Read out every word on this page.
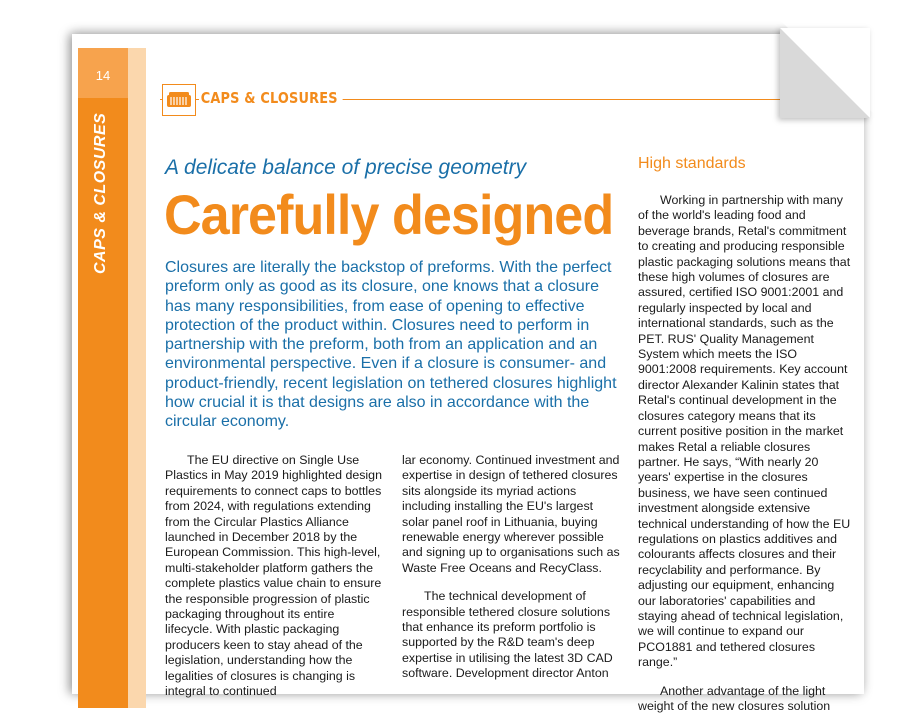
14
CAPS & CLOSURES
CAPS & CLOSURES
A delicate balance of precise geometry
Carefully designed
Closures are literally the backstop of preforms. With the perfect preform only as good as its closure, one knows that a closure has many responsibilities, from ease of opening to effective protection of the product within. Closures need to perform in partnership with the preform, both from an application and an environmental perspective. Even if a closure is consumer- and product-friendly, recent legislation on tethered closures highlight how crucial it is that designs are also in accordance with the circular economy.

The EU directive on Single Use Plastics in May 2019 highlighted design requirements to connect caps to bottles from 2024, with regulations extending from the Circular Plastics Alliance launched in December 2018 by the European Commission. This high-level, multi-stakeholder platform gathers the complete plastics value chain to ensure the responsible progression of plastic packaging throughout its entire lifecycle. With plastic packaging producers keen to stay ahead of the legislation, understanding how the legalities of closures is changing is integral to continued

lar economy. Continued investment and expertise in design of tethered closures sits alongside its myriad actions including installing the EU's largest solar panel roof in Lithuania, buying renewable energy wherever possible and signing up to organisations such as Waste Free Oceans and RecyClass.

The technical development of responsible tethered closure solutions that enhance its preform portfolio is supported by the R&D team's deep expertise in utilising the latest 3D CAD software. Development director Anton

High standards

Working in partnership with many of the world's leading food and beverage brands, Retal's commitment to creating and producing responsible plastic packaging solutions means that these high volumes of closures are assured, certified ISO 9001:2001 and regularly inspected by local and international standards, such as the PET. RUS' Quality Management System which meets the ISO 9001:2008 requirements. Key account director Alexander Kalinin states that Retal's continual development in the closures category means that its current positive position in the market makes Retal a reliable closures partner. He says, “With nearly 20 years' expertise in the closures business, we have seen continued investment alongside extensive technical understanding of how the EU regulations on plastics additives and colourants affects closures and their recyclability and performance. By adjusting our equipment, enhancing our laboratories' capabilities and staying ahead of technical legislation, we will continue to expand our PCO1881 and tethered closures range.”

Another advantage of the light weight of the new closures solution
